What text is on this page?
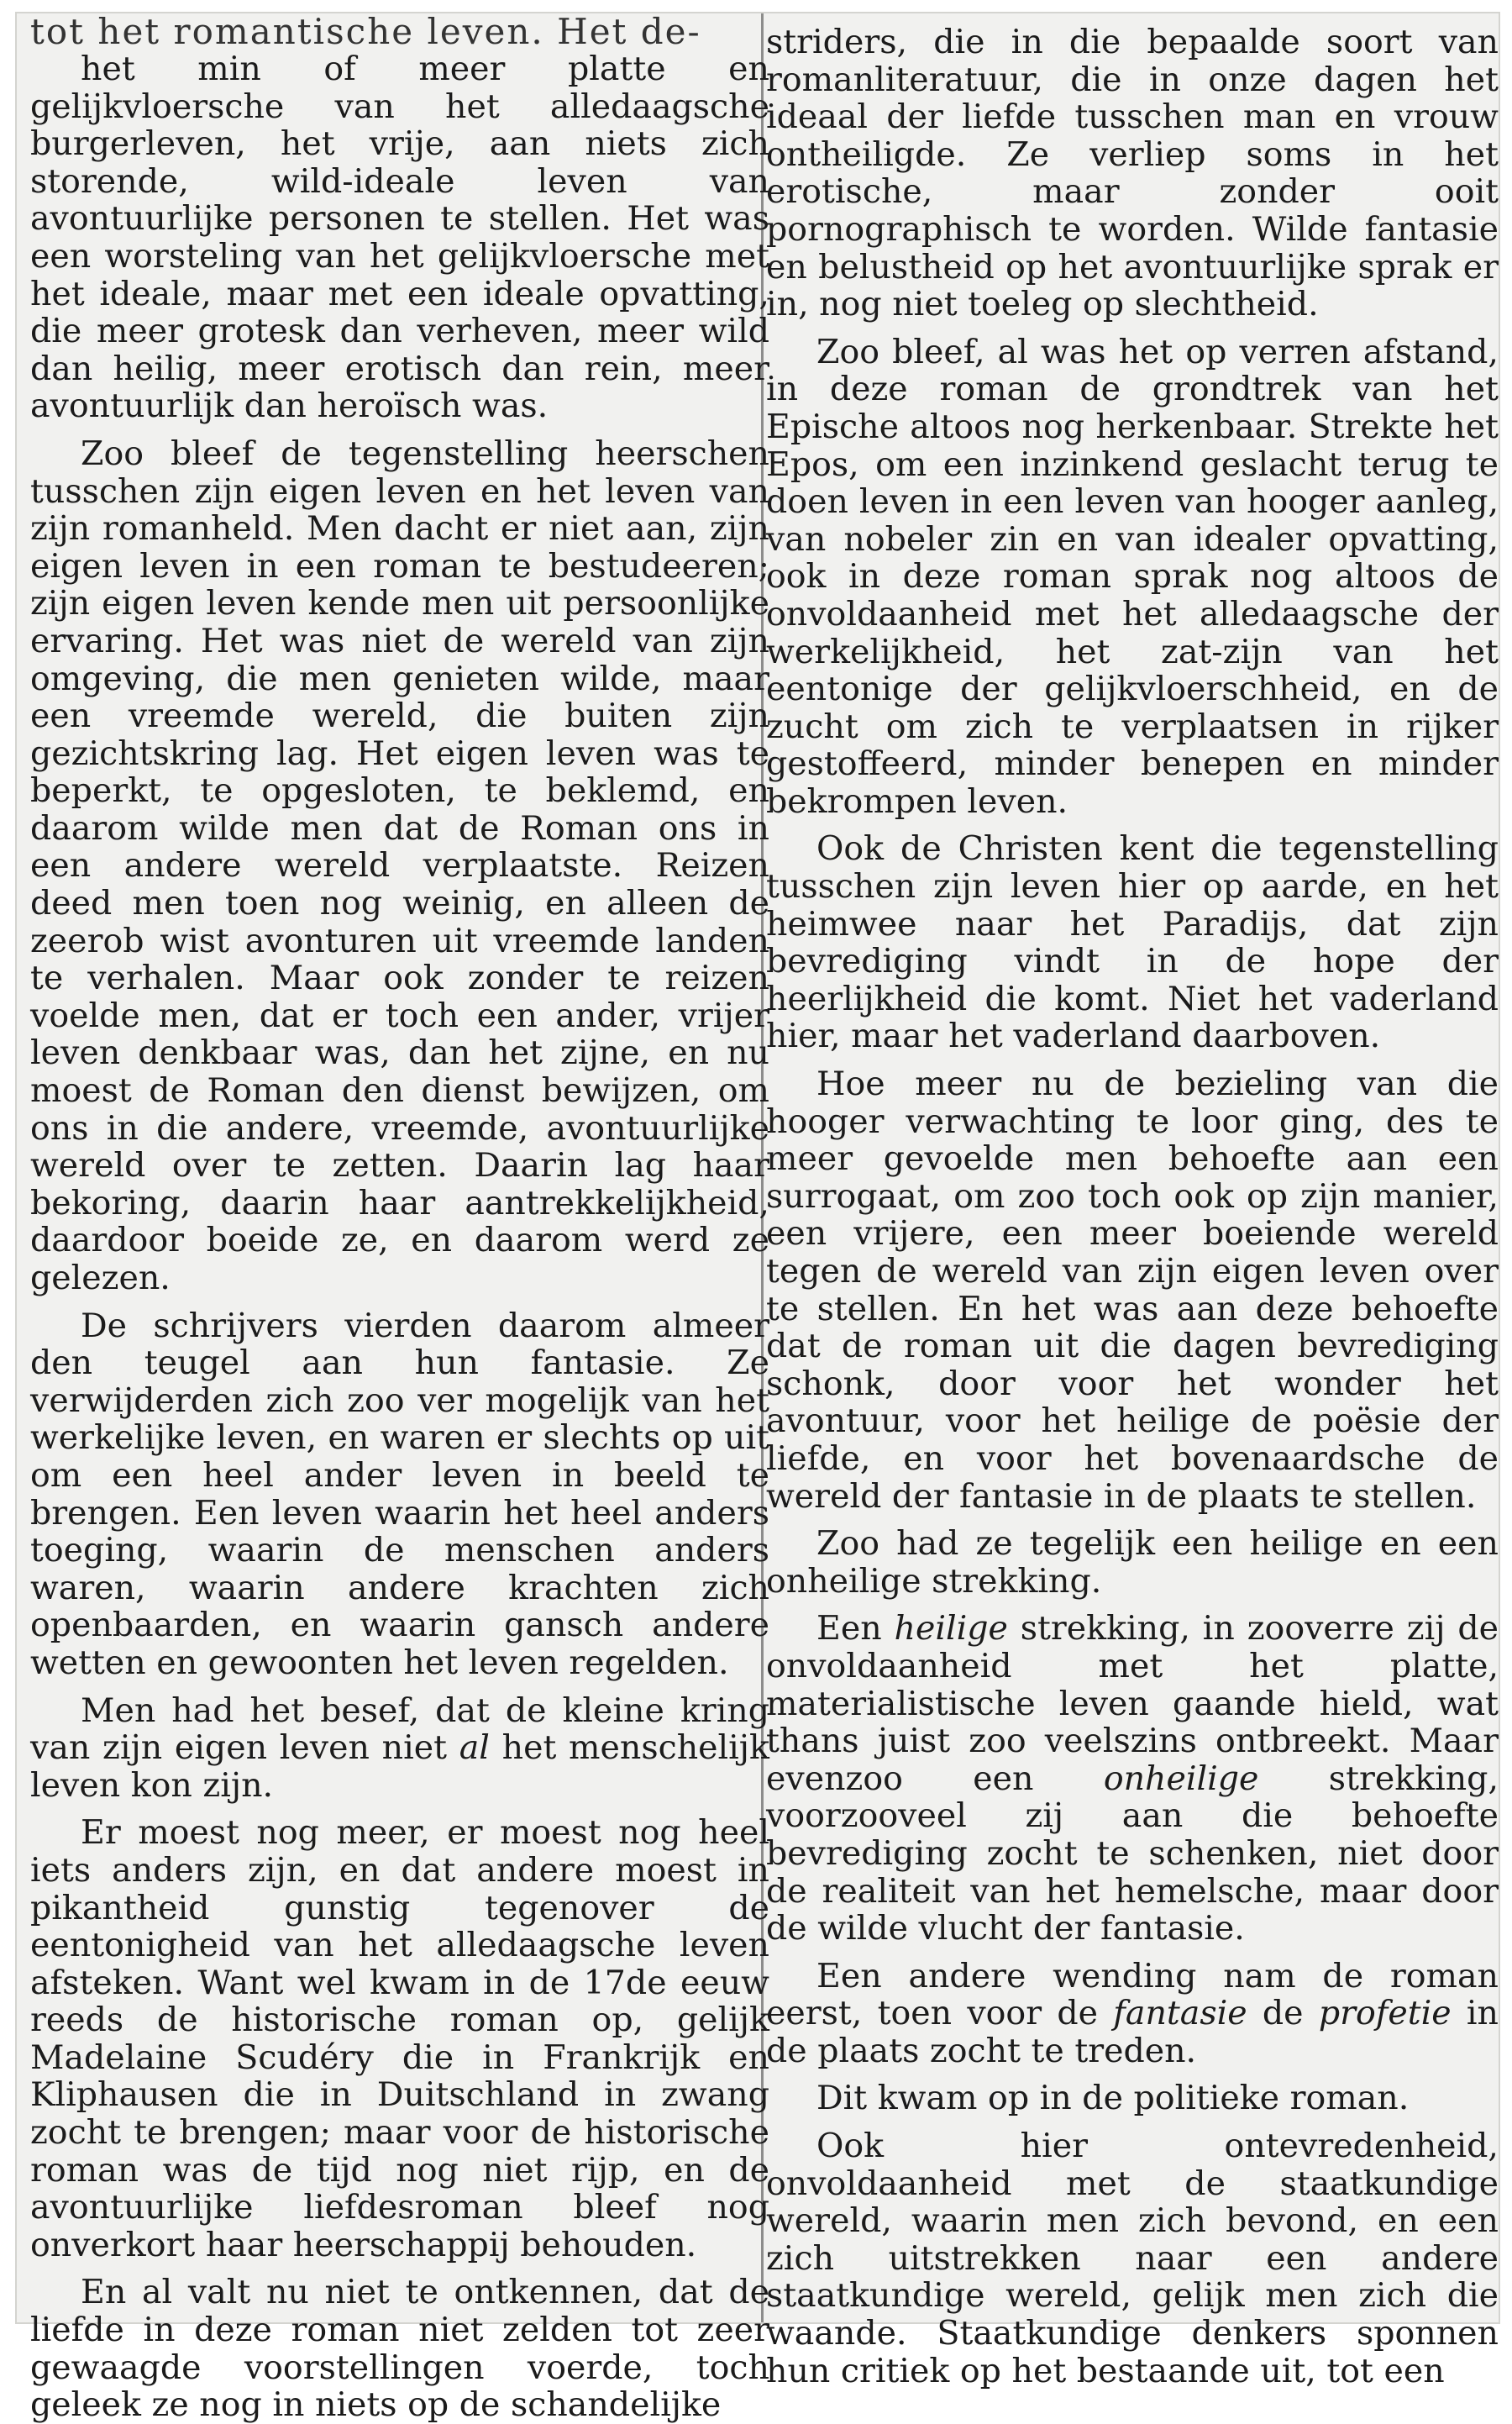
tot het romantische leven. Het de-

het min of meer platte en gelijkvloersche van het alledaagsche burgerleven, het vrije, aan niets zich storende, wild-ideale leven van avontuurlijke personen te stellen. Het was een worsteling van het gelijkvloersche met het ideale, maar met een ideale opvatting, die meer grotesk dan verheven, meer wild dan heilig, meer erotisch dan rein, meer avontuurlijk dan heroïsch was.

Zoo bleef de tegenstelling heerschen tusschen zijn eigen leven en het leven van zijn romanheld. Men dacht er niet aan, zijn eigen leven in een roman te bestudeeren; zijn eigen leven kende men uit persoonlijke ervaring. Het was niet de wereld van zijn omgeving, die men genieten wilde, maar een vreemde wereld, die buiten zijn gezichtskring lag. Het eigen leven was te beperkt, te opgesloten, te beklemd, en daarom wilde men dat de Roman ons in een andere wereld verplaatste. Reizen deed men toen nog weinig, en alleen de zeerob wist avonturen uit vreemde landen te verhalen. Maar ook zonder te reizen voelde men, dat er toch een ander, vrijer leven denkbaar was, dan het zijne, en nu moest de Roman den dienst bewijzen, om ons in die andere, vreemde, avontuurlijke wereld over te zetten. Daarin lag haar bekoring, daarin haar aantrekkelijkheid, daardoor boeide ze, en daarom werd ze gelezen.

De schrijvers vierden daarom almeer den teugel aan hun fantasie. Ze verwijderden zich zoo ver mogelijk van het werkelijke leven, en waren er slechts op uit om een heel ander leven in beeld te brengen. Een leven waarin het heel anders toeging, waarin de menschen anders waren, waarin andere krachten zich openbaarden, en waarin gansch andere wetten en gewoonten het leven regelden.

Men had het besef, dat de kleine kring van zijn eigen leven niet al het menschelijk leven kon zijn.

Er moest nog meer, er moest nog heel iets anders zijn, en dat andere moest in pikantheid gunstig tegenover de eentonigheid van het alledaagsche leven afsteken. Want wel kwam in de 17de eeuw reeds de historische roman op, gelijk Madelaine Scudéry die in Frankrijk en Kliphausen die in Duitschland in zwang zocht te brengen; maar voor de historische roman was de tijd nog niet rijp, en de avontuurlijke liefdesroman bleef nog onverkort haar heerschappij behouden.

En al valt nu niet te ontkennen, dat de liefde in deze roman niet zelden tot zeer gewaagde voorstellingen voerde, toch geleek ze nog in niets op de schandelijke

striders, die in die bepaalde soort van romanliteratuur, die in onze dagen het ideaal der liefde tusschen man en vrouw ontheiligde. Ze verliep soms in het erotische, maar zonder ooit pornographisch te worden. Wilde fantasie en belustheid op het avontuurlijke sprak er in, nog niet toeleg op slechtheid.

Zoo bleef, al was het op verren afstand, in deze roman de grondtrek van het Epische altoos nog herkenbaar. Strekte het Epos, om een inzinkend geslacht terug te doen leven in een leven van hooger aanleg, van nobeler zin en van idealer opvatting, ook in deze roman sprak nog altoos de onvoldaanheid met het alledaagsche der werkelijkheid, het zat-zijn van het eentonige der gelijkvloerschheid, en de zucht om zich te verplaatsen in rijker gestoffeerd, minder benepen en minder bekrompen leven.

Ook de Christen kent die tegenstelling tusschen zijn leven hier op aarde, en het heimwee naar het Paradijs, dat zijn bevrediging vindt in de hope der heerlijkheid die komt. Niet het vaderland hier, maar het vaderland daarboven.

Hoe meer nu de bezieling van die hooger verwachting te loor ging, des te meer gevoelde men behoefte aan een surrogaat, om zoo toch ook op zijn manier, een vrijere, een meer boeiende wereld tegen de wereld van zijn eigen leven over te stellen. En het was aan deze behoefte dat de roman uit die dagen bevrediging schonk, door voor het wonder het avontuur, voor het heilige de poësie der liefde, en voor het bovenaardsche de wereld der fantasie in de plaats te stellen.

Zoo had ze tegelijk een heilige en een onheilige strekking.

Een heilige strekking, in zooverre zij de onvoldaanheid met het platte, materialistische leven gaande hield, wat thans juist zoo veelszins ontbreekt. Maar evenzoo een onheilige strekking, voorzooveel zij aan die behoefte bevrediging zocht te schenken, niet door de realiteit van het hemelsche, maar door de wilde vlucht der fantasie.

Een andere wending nam de roman eerst, toen voor de fantasie de profetie in de plaats zocht te treden.

Dit kwam op in de politieke roman.

Ook hier ontevredenheid, onvoldaanheid met de staatkundige wereld, waarin men zich bevond, en een zich uitstrekken naar een andere staatkundige wereld, gelijk men zich die waande. Staatkundige denkers sponnen hun critiek op het bestaande uit, tot een
